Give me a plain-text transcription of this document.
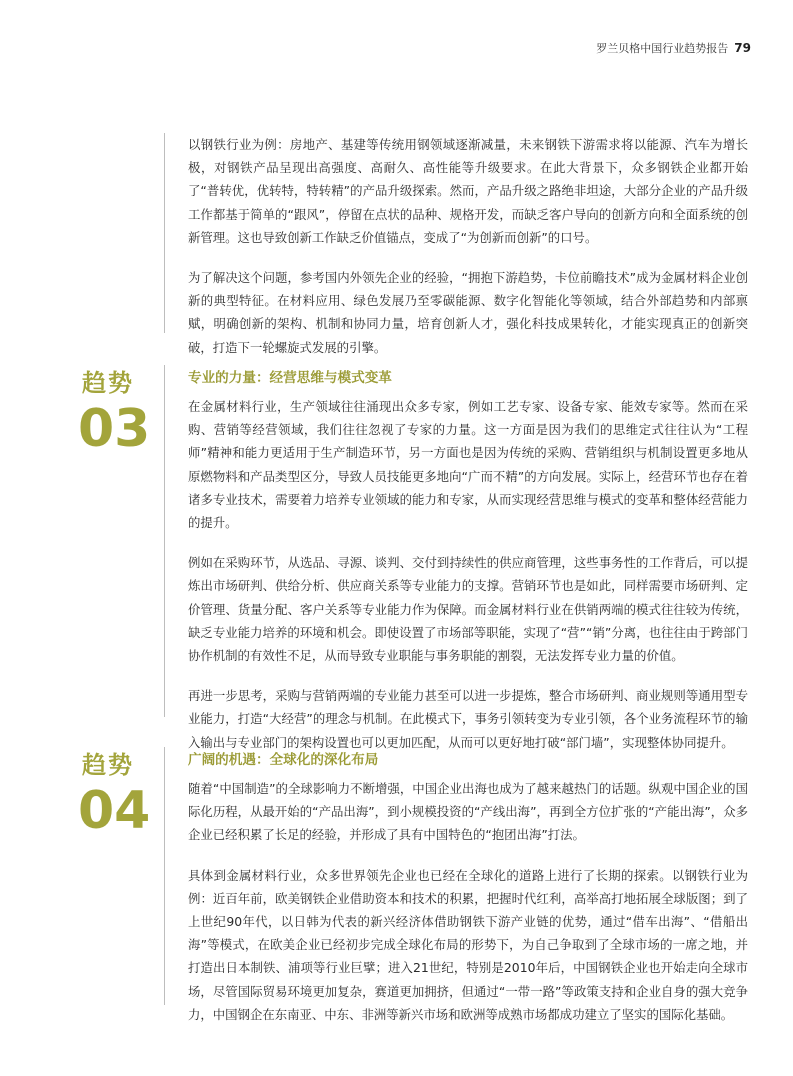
罗兰贝格中国行业趋势报告 79

以钢铁行业为例：房地产、基建等传统用钢领域逐渐减量，未来钢铁下游需求将以能源、汽车为增长极，对钢铁产品呈现出高强度、高耐久、高性能等升级要求。在此大背景下，众多钢铁企业都开始了“普转优，优转特，特转精”的产品升级探索。然而，产品升级之路绝非坦途，大部分企业的产品升级工作都基于简单的“跟风”，停留在点状的品种、规格开发，而缺乏客户导向的创新方向和全面系统的创新管理。这也导致创新工作缺乏价值锚点，变成了“为创新而创新”的口号。

为了解决这个问题，参考国内外领先企业的经验，“拥抱下游趋势，卡位前瞻技术”成为金属材料企业创新的典型特征。在材料应用、绿色发展乃至零碳能源、数字化智能化等领域，结合外部趋势和内部禀赋，明确创新的架构、机制和协同力量，培育创新人才，强化科技成果转化，才能实现真正的创新突破，打造下一轮螺旋式发展的引擎。

趋势
03
专业的力量：经营思维与模式变革

在金属材料行业，生产领域往往涌现出众多专家，例如工艺专家、设备专家、能效专家等。然而在采购、营销等经营领域，我们往往忽视了专家的力量。这一方面是因为我们的思维定式往往认为“工程师”精神和能力更适用于生产制造环节，另一方面也是因为传统的采购、营销组织与机制设置更多地从原燃物料和产品类型区分，导致人员技能更多地向“广而不精”的方向发展。实际上，经营环节也存在着诸多专业技术，需要着力培养专业领域的能力和专家，从而实现经营思维与模式的变革和整体经营能力的提升。

例如在采购环节，从选品、寻源、谈判、交付到持续性的供应商管理，这些事务性的工作背后，可以提炼出市场研判、供给分析、供应商关系等专业能力的支撑。营销环节也是如此，同样需要市场研判、定价管理、货量分配、客户关系等专业能力作为保障。而金属材料行业在供销两端的模式往往较为传统，缺乏专业能力培养的环境和机会。即使设置了市场部等职能，实现了“营”“销”分离，也往往由于跨部门协作机制的有效性不足，从而导致专业职能与事务职能的割裂，无法发挥专业力量的价值。

再进一步思考，采购与营销两端的专业能力甚至可以进一步提炼，整合市场研判、商业规则等通用型专业能力，打造“大经营”的理念与机制。在此模式下，事务引领转变为专业引领，各个业务流程环节的输入输出与专业部门的架构设置也可以更加匹配，从而可以更好地打破“部门墙”，实现整体协同提升。

趋势
04
广阔的机遇：全球化的深化布局

随着“中国制造”的全球影响力不断增强，中国企业出海也成为了越来越热门的话题。纵观中国企业的国际化历程，从最开始的“产品出海”，到小规模投资的“产线出海”，再到全方位扩张的“产能出海”，众多企业已经积累了长足的经验，并形成了具有中国特色的“抱团出海”打法。

具体到金属材料行业，众多世界领先企业也已经在全球化的道路上进行了长期的探索。以钢铁行业为例：近百年前，欧美钢铁企业借助资本和技术的积累，把握时代红利，高举高打地拓展全球版图；到了上世纪90年代，以日韩为代表的新兴经济体借助钢铁下游产业链的优势，通过“借车出海”、“借船出海”等模式，在欧美企业已经初步完成全球化布局的形势下，为自己争取到了全球市场的一席之地，并打造出日本制铁、浦项等行业巨擘；进入21世纪，特别是2010年后，中国钢铁企业也开始走向全球市场，尽管国际贸易环境更加复杂，赛道更加拥挤，但通过“一带一路”等政策支持和企业自身的强大竞争力，中国钢企在东南亚、中东、非洲等新兴市场和欧洲等成熟市场都成功建立了坚实的国际化基础。
